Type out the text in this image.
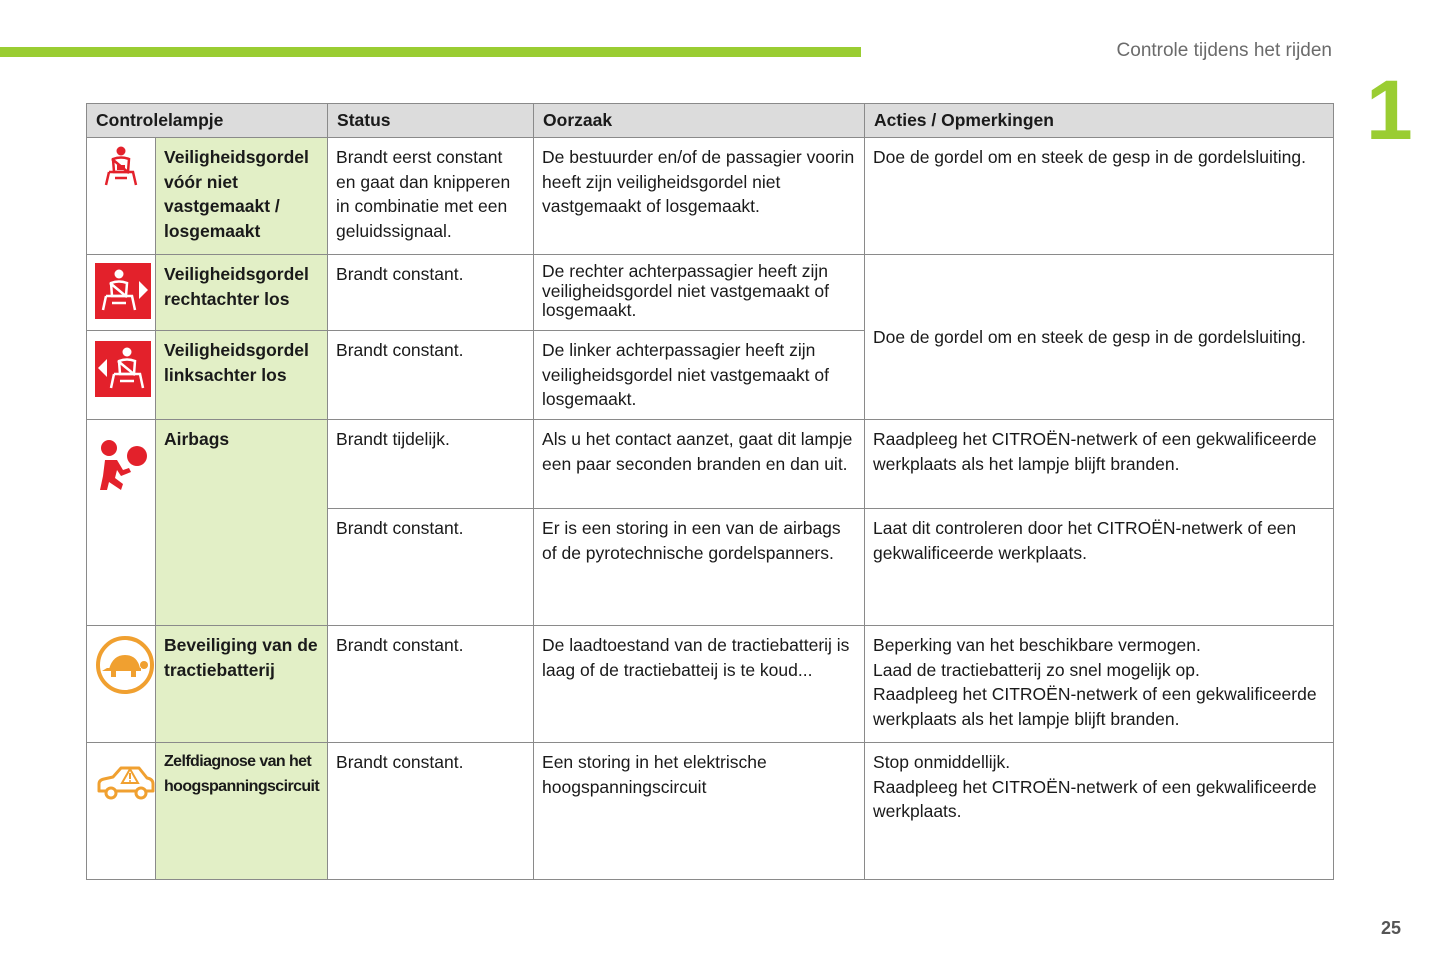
Controle tijdens het rijden
1
Controlelampje		Status	Oorzaak	Acties / Opmerkingen

	Veiligheidsgordel vóór niet vastgemaakt / losgemaakt	Brandt eerst constant en gaat dan knipperen in combinatie met een geluidssignaal.	De bestuurder en/of de passagier voorin heeft zijn veiligheidsgordel niet vastgemaakt of losgemaakt.	Doe de gordel om en steek de gesp in de gordelsluiting.

	Veiligheidsgordel rechtachter los	Brandt constant.	De rechter achterpassagier heeft zijn veiligheidsgordel niet vastgemaakt of losgemaakt.	Doe de gordel om en steek de gesp in de gordelsluiting.

	Veiligheidsgordel linksachter los	Brandt constant.	De linker achterpassagier heeft zijn veiligheidsgordel niet vastgemaakt of losgemaakt.	

	Airbags	Brandt tijdelijk.	Als u het contact aanzet, gaat dit lampje een paar seconden branden en dan uit.	Raadpleeg het CITROËN-netwerk of een gekwalificeerde werkplaats als het lampje blijft branden.
		Brandt constant.	Er is een storing in een van de airbags of de pyrotechnische gordelspanners.	Laat dit controleren door het CITROËN-netwerk of een gekwalificeerde werkplaats.

	Beveiliging van de tractiebatterij	Brandt constant.	De laadtoestand van de tractiebatterij is laag of de tractiebatteij is te koud...	Beperking van het beschikbare vermogen.
Laad de tractiebatterij zo snel mogelijk op.
Raadpleeg het CITROËN-netwerk of een gekwalificeerde werkplaats als het lampje blijft branden.

	Zelfdiagnose van het hoogspanningscircuit	Brandt constant.	Een storing in het elektrische hoogspanningscircuit	Stop onmiddellijk.
Raadpleeg het CITROËN-netwerk of een gekwalificeerde werkplaats.
25
